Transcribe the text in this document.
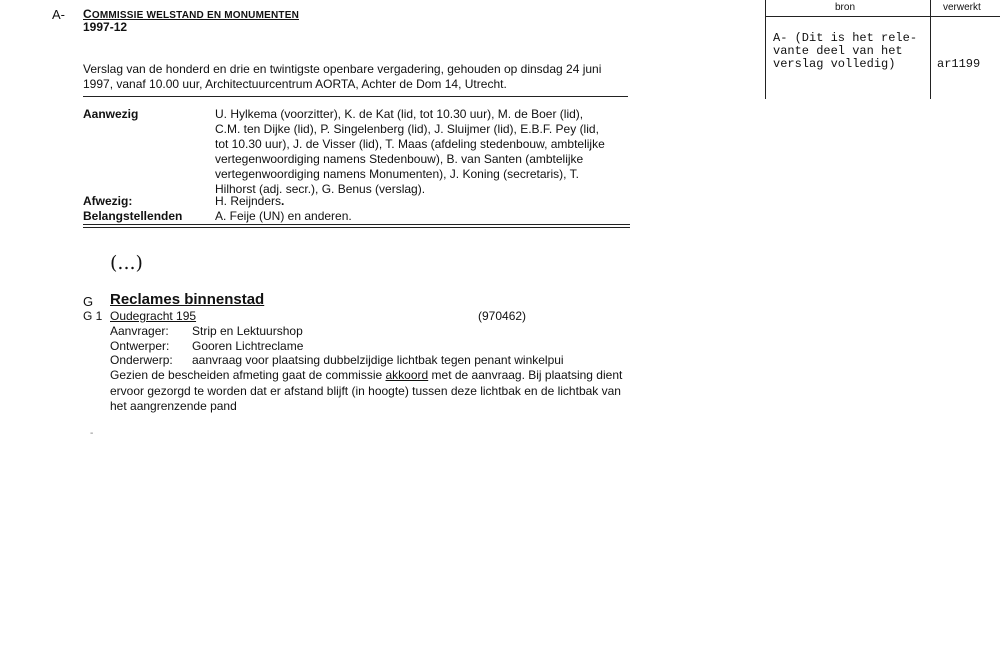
A- COMMISSIE WELSTAND EN MONUMENTEN
1997-12
Verslag van de honderd en drie en twintigste openbare vergadering, gehouden op dinsdag 24 juni
1997, vanaf 10.00 uur, Architectuurcentrum AORTA, Achter de Dom 14, Utrecht.
Aanwezig	U. Hylkema (voorzitter), K. de Kat (lid, tot 10.30 uur), M. de Boer (lid),
C.M. ten Dijke (lid), P. Singelenberg (lid), J. Sluijmer (lid), E.B.F. Pey (lid,
tot 10.30 uur), J. de Visser (lid), T. Maas (afdeling stedenbouw, ambtelijke
vertegenwoordiging namens Stedenbouw), B. van Santen (ambtelijke
vertegenwoordiging namens Monumenten), J. Koning (secretaris), T.
Hilhorst (adj. secr.), G. Benus (verslag).
Afwezig:	H. Reijnders.
Belangstellenden	A. Feije (UN) en anderen.
(...)
G Reclames binnenstad
G 1 Oudegracht 195	(970462)
Aanvrager: Strip en Lektuurshop
Ontwerper: Gooren Lichtreclame
Onderwerp: aanvraag voor plaatsing dubbelzijdige lichtbak tegen penant winkelpui
Gezien de bescheiden afmeting gaat de commissie akkoord met de aanvraag. Bij plaatsing dient ervoor gezorgd te worden dat er afstand blijft (in hoogte) tussen deze lichtbak en de lichtbak van het aangrenzende pand
-
bron	verwerkt
A- (Dit is het rele-
vante deel van het
verslag volledig)	ar1199
